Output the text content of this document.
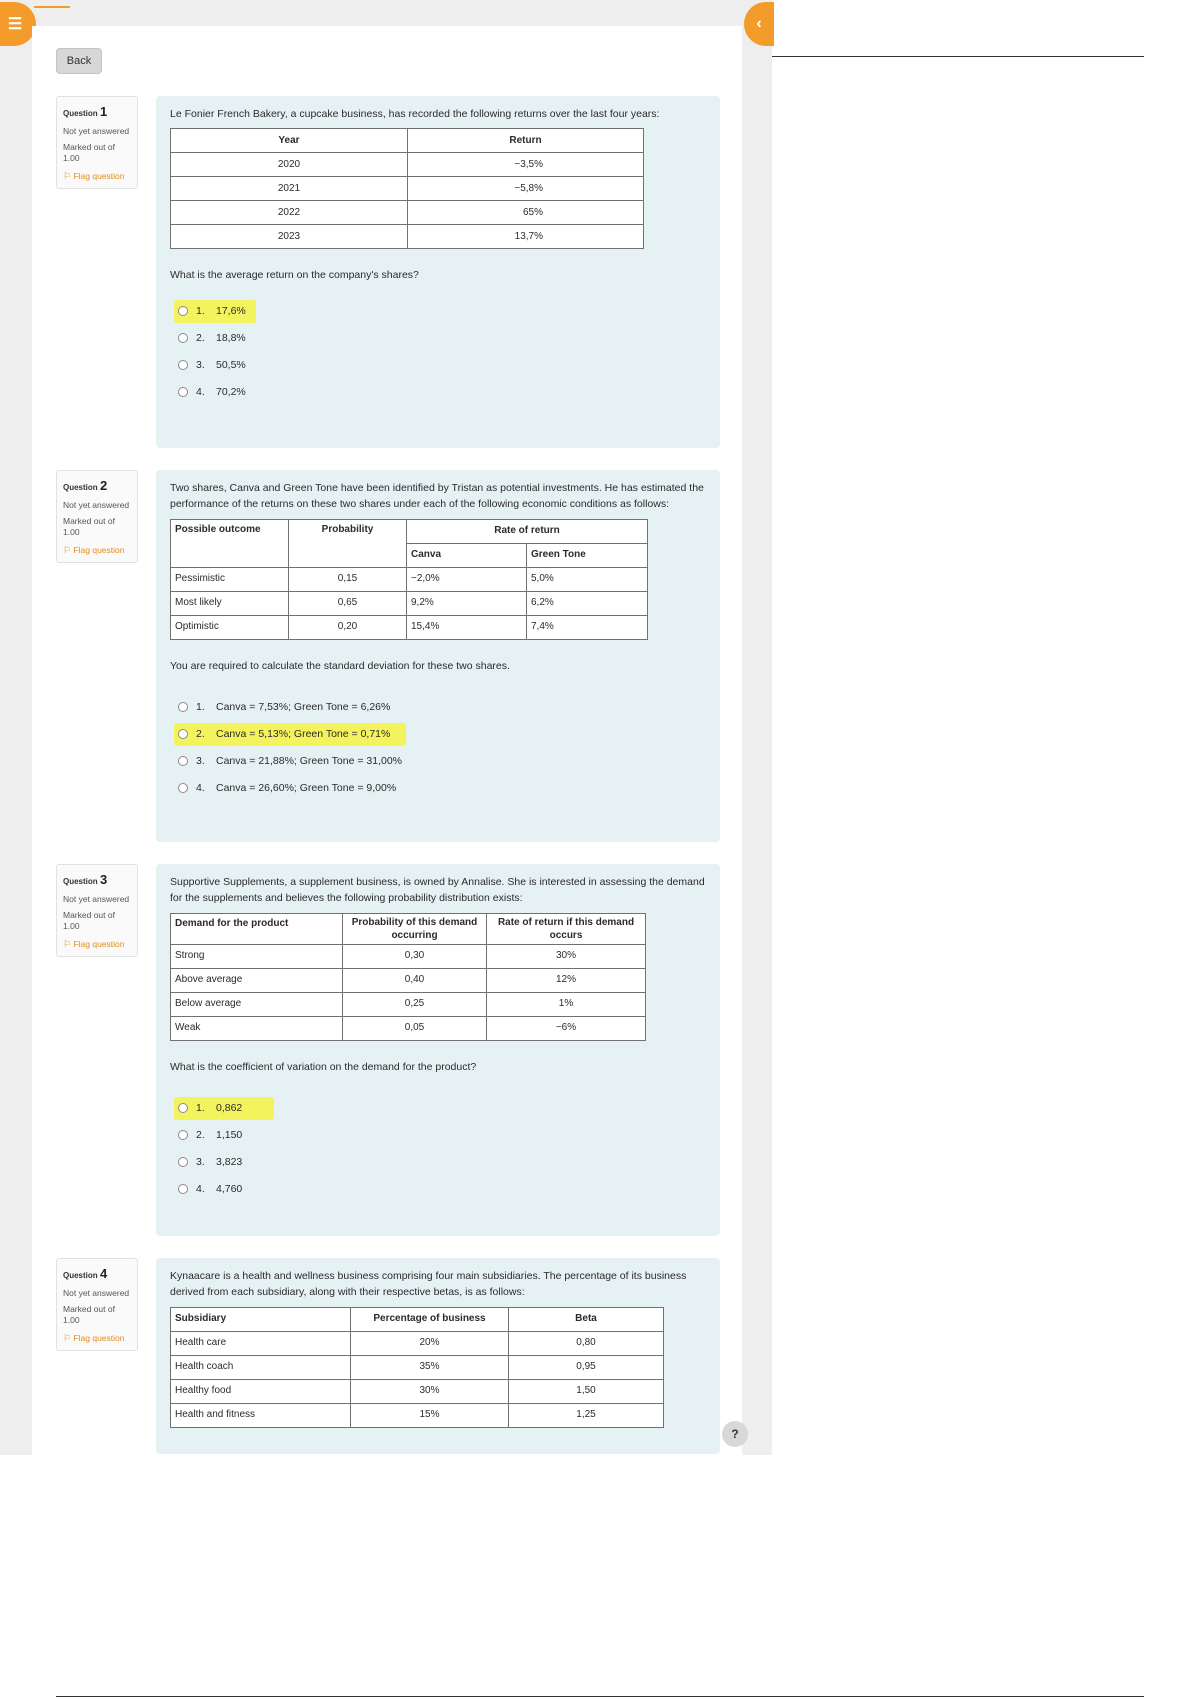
☰	‹
Back
Question 1
Not yet answered
Marked out of 1.00
⚐ Flag question
Le Fonier French Bakery, a cupcake business, has recorded the following returns over the last four years:
Year	Return
2020	−3,5%
2021	−5,8%
2022	65%
2023	13,7%
What is the average return on the company's shares?
1.	17,6%
2.	18,8%
3.	50,5%
4.	70,2%
Question 2
Not yet answered
Marked out of 1.00
⚐ Flag question
Two shares, Canva and Green Tone have been identified by Tristan as potential investments. He has estimated the performance of the returns on these two shares under each of the following economic conditions as follows:
Possible outcome	Probability	Rate of return	
		Canva	Green Tone
Pessimistic	0,15	−2,0%	5,0%
Most likely	0,65	9,2%	6,2%
Optimistic	0,20	15,4%	7,4%
You are required to calculate the standard deviation for these two shares.
1.	Canva = 7,53%; Green Tone = 6,26%
2.	Canva = 5,13%; Green Tone = 0,71%
3.	Canva = 21,88%; Green Tone = 31,00%
4.	Canva = 26,60%; Green Tone = 9,00%
Question 3
Not yet answered
Marked out of 1.00
⚐ Flag question
Supportive Supplements, a supplement business, is owned by Annalise. She is interested in assessing the demand for the supplements and believes the following probability distribution exists:
Demand for the product	Probability of this demand occurring	Rate of return if this demand occurs
Strong	0,30	30%
Above average	0,40	12%
Below average	0,25	1%
Weak	0,05	−6%
What is the coefficient of variation on the demand for the product?
1.	0,862
2.	1,150
3.	3,823
4.	4,760
Question 4
Not yet answered
Marked out of 1.00
⚐ Flag question
Kynaacare is a health and wellness business comprising four main subsidiaries. The percentage of its business derived from each subsidiary, along with their respective betas, is as follows:
Subsidiary	Percentage of business	Beta
Health care	20%	0,80
Health coach	35%	0,95
Healthy food	30%	1,50
Health and fitness	15%	1,25
?
